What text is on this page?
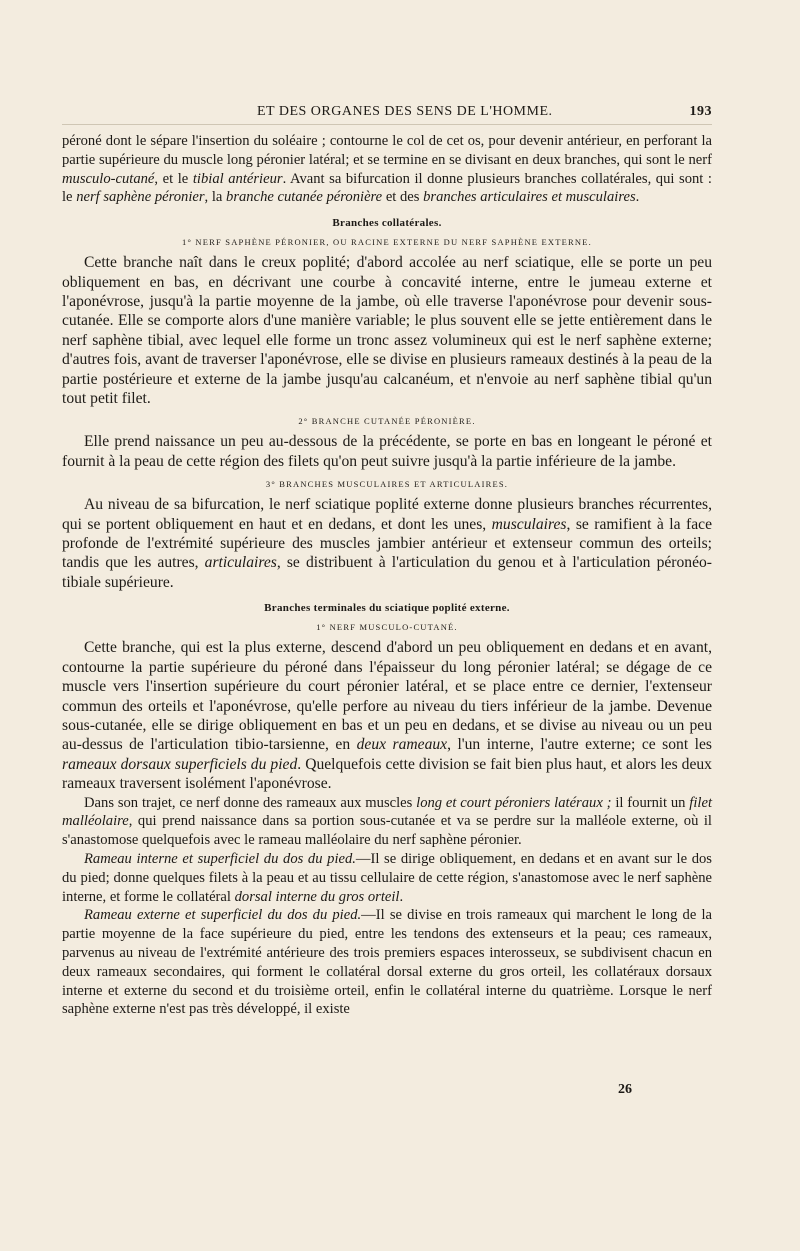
ET DES ORGANES DES SENS DE L'HOMME.	193

péroné dont le sépare l'insertion du soléaire ; contourne le col de cet os, pour devenir antérieur, en perforant la partie supérieure du muscle long péronier latéral; et se termine en se divisant en deux branches, qui sont le nerf musculo-cutané, et le tibial antérieur. Avant sa bifurcation il donne plusieurs branches collatérales, qui sont : le nerf saphène péronier, la branche cutanée péronière et des branches articulaires et musculaires.

Branches collatérales.
1° NERF SAPHÈNE PÉRONIER, OU RACINE EXTERNE DU NERF SAPHÈNE EXTERNE.

Cette branche naît dans le creux poplité; d'abord accolée au nerf sciatique, elle se porte un peu obliquement en bas, en décrivant une courbe à concavité interne, entre le jumeau externe et l'aponévrose, jusqu'à la partie moyenne de la jambe, où elle traverse l'aponévrose pour devenir sous-cutanée. Elle se comporte alors d'une manière variable; le plus souvent elle se jette entièrement dans le nerf saphène tibial, avec lequel elle forme un tronc assez volumineux qui est le nerf saphène externe; d'autres fois, avant de traverser l'aponévrose, elle se divise en plusieurs rameaux destinés à la peau de la partie postérieure et externe de la jambe jusqu'au calcanéum, et n'envoie au nerf saphène tibial qu'un tout petit filet.

2° BRANCHE CUTANÉE PÉRONIÈRE.

Elle prend naissance un peu au-dessous de la précédente, se porte en bas en longeant le péroné et fournit à la peau de cette région des filets qu'on peut suivre jusqu'à la partie inférieure de la jambe.

3° BRANCHES MUSCULAIRES ET ARTICULAIRES.

Au niveau de sa bifurcation, le nerf sciatique poplité externe donne plusieurs branches récurrentes, qui se portent obliquement en haut et en dedans, et dont les unes, musculaires, se ramifient à la face profonde de l'extrémité supérieure des muscles jambier antérieur et extenseur commun des orteils; tandis que les autres, articulaires, se distribuent à l'articulation du genou et à l'articulation péronéo-tibiale supérieure.

Branches terminales du sciatique poplité externe.
1° NERF MUSCULO-CUTANÉ.

Cette branche, qui est la plus externe, descend d'abord un peu obliquement en dedans et en avant, contourne la partie supérieure du péroné dans l'épaisseur du long péronier latéral; se dégage de ce muscle vers l'insertion supérieure du court péronier latéral, et se place entre ce dernier, l'extenseur commun des orteils et l'aponévrose, qu'elle perfore au niveau du tiers inférieur de la jambe. Devenue sous-cutanée, elle se dirige obliquement en bas et un peu en dedans, et se divise au niveau ou un peu au-dessus de l'articulation tibio-tarsienne, en deux rameaux, l'un interne, l'autre externe; ce sont les rameaux dorsaux superficiels du pied. Quelquefois cette division se fait bien plus haut, et alors les deux rameaux traversent isolément l'aponévrose.

Dans son trajet, ce nerf donne des rameaux aux muscles long et court péroniers latéraux ; il fournit un filet malléolaire, qui prend naissance dans sa portion sous-cutanée et va se perdre sur la malléole externe, où il s'anastomose quelquefois avec le rameau malléolaire du nerf saphène péronier.

Rameau interne et superficiel du dos du pied.—Il se dirige obliquement, en dedans et en avant sur le dos du pied; donne quelques filets à la peau et au tissu cellulaire de cette région, s'anastomose avec le nerf saphène interne, et forme le collatéral dorsal interne du gros orteil.

Rameau externe et superficiel du dos du pied.—Il se divise en trois rameaux qui marchent le long de la partie moyenne de la face supérieure du pied, entre les tendons des extenseurs et la peau; ces rameaux, parvenus au niveau de l'extrémité antérieure des trois premiers espaces interosseux, se subdivisent chacun en deux rameaux secondaires, qui forment le collatéral dorsal externe du gros orteil, les collatéraux dorsaux interne et externe du second et du troisième orteil, enfin le collatéral interne du quatrième. Lorsque le nerf saphène externe n'est pas très développé, il existe

26
